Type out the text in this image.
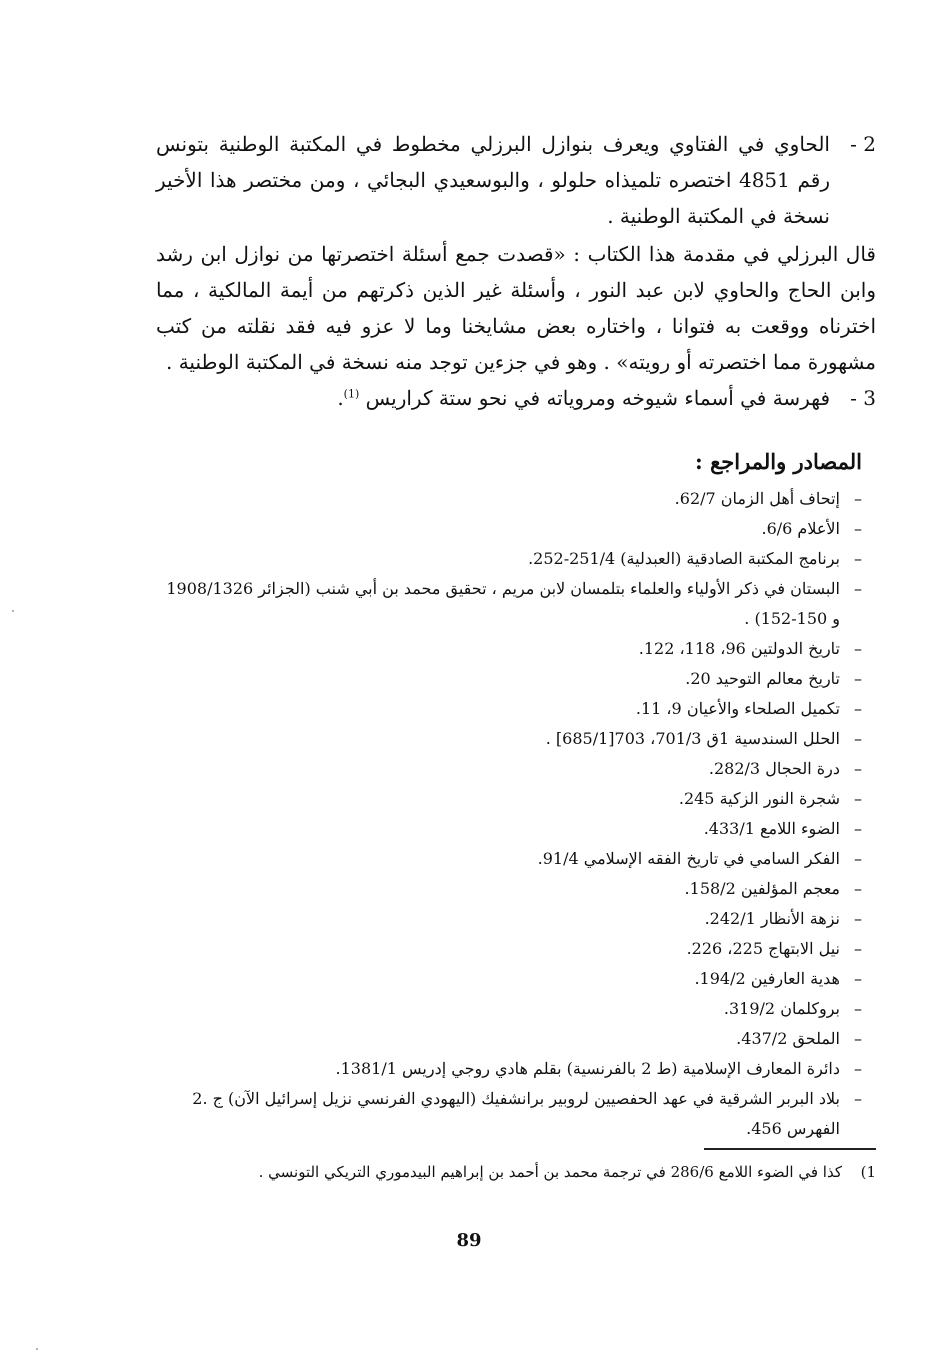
2 -
الحاوي في الفتاوي ويعرف بنوازل البرزلي مخطوط في المكتبة الوطنية بتونس رقم 4851 اختصره تلميذاه حلولو ، والبوسعيدي البجائي ، ومن مختصر هذا الأخير نسخة في المكتبة الوطنية .

قال البرزلي في مقدمة هذا الكتاب : «قصدت جمع أسئلة اختصرتها من نوازل ابن رشد وابن الحاج والحاوي لابن عبد النور ، وأسئلة غير الذين ذكرتهم من أيمة المالكية ، مما اخترناه ووقعت به فتوانا ، واختاره بعض مشايخنا وما لا عزو فيه فقد نقلته من كتب مشهورة مما اختصرته أو رويته» . وهو في جزءين توجد منه نسخة في المكتبة الوطنية .

3 -
فهرسة في أسماء شيوخه ومروياته في نحو ستة كراريس $^{(1)}$.
المصادر والمراجع :
–
إتحاف أهل الزمان 62/7.
–
الأعلام 6/6.
–
برنامج المكتبة الصادقية (العبدلية) 251/4-252.
–
البستان في ذكر الأولياء والعلماء بتلمسان لابن مريم ، تحقيق محمد بن أبي شنب (الجزائر 1908/1326 و 150-152) .
–
تاريخ الدولتين 96، 118، 122.
–
تاريخ معالم التوحيد 20.
–
تكميل الصلحاء والأعيان 9، 11.
–
الحلل السندسية 1ق 701/3، 703[685/1] .
–
درة الحجال 282/3.
–
شجرة النور الزكية 245.
–
الضوء اللامع 433/1.
–
الفكر السامي في تاريخ الفقه الإسلامي 91/4.
–
معجم المؤلفين 158/2.
–
نزهة الأنظار 242/1.
–
نيل الابتهاج 225، 226.
–
هدية العارفين 194/2.
–
بروكلمان 319/2.
–
الملحق 437/2.
–
دائرة المعارف الإسلامية (ط 2 بالفرنسية) بقلم هادي روجي إدريس 1381/1.
–
بلاد البربر الشرقية في عهد الحفصيين لروبير برانشفيك (اليهودي الفرنسي نزيل إسرائيل الآن) ج .2 الفهرس 456.
1)
كذا في الضوء اللامع 286/6 في ترجمة محمد بن أحمد بن إبراهيم البيدموري التريكي التونسي .
89
